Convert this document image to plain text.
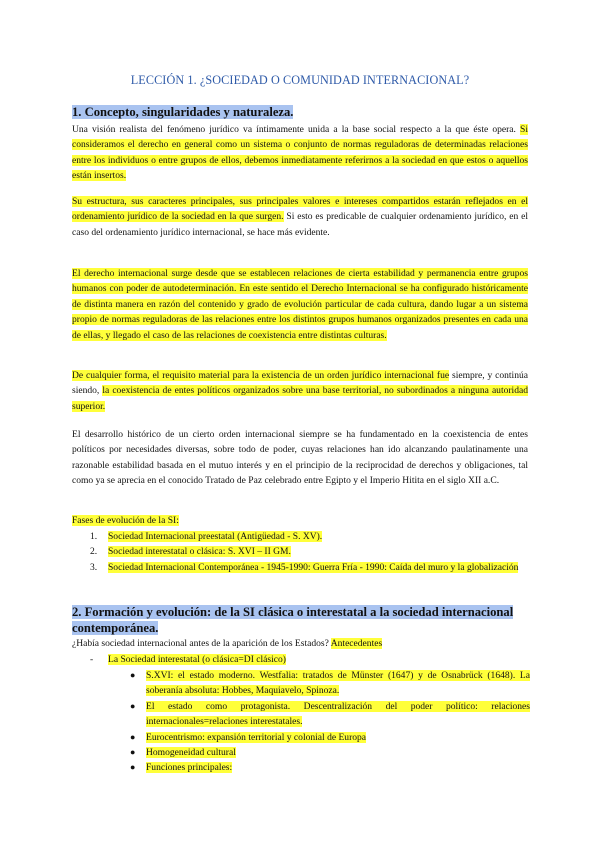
LECCIÓN 1. ¿SOCIEDAD O COMUNIDAD INTERNACIONAL?
1. Concepto, singularidades y naturaleza.
Una visión realista del fenómeno jurídico va íntimamente unida a la base social respecto a la que éste opera. Si consideramos el derecho en general como un sistema o conjunto de normas reguladoras de determinadas relaciones entre los individuos o entre grupos de ellos, debemos inmediatamente referirnos a la sociedad en que estos o aquellos están insertos.
Su estructura, sus caracteres principales, sus principales valores e intereses compartidos estarán reflejados en el ordenamiento jurídico de la sociedad en la que surgen. Si esto es predicable de cualquier ordenamiento jurídico, en el caso del ordenamiento jurídico internacional, se hace más evidente.
El derecho internacional surge desde que se establecen relaciones de cierta estabilidad y permanencia entre grupos humanos con poder de autodeterminación. En este sentido el Derecho Internacional se ha configurado históricamente de distinta manera en razón del contenido y grado de evolución particular de cada cultura, dando lugar a un sistema propio de normas reguladoras de las relaciones entre los distintos grupos humanos organizados presentes en cada una de ellas, y llegado el caso de las relaciones de coexistencia entre distintas culturas.
De cualquier forma, el requisito material para la existencia de un orden jurídico internacional fue siempre, y continúa siendo, la coexistencia de entes políticos organizados sobre una base territorial, no subordinados a ninguna autoridad superior.
El desarrollo histórico de un cierto orden internacional siempre se ha fundamentado en la coexistencia de entes políticos por necesidades diversas, sobre todo de poder, cuyas relaciones han ido alcanzando paulatinamente una razonable estabilidad basada en el mutuo interés y en el principio de la reciprocidad de derechos y obligaciones, tal como ya se aprecia en el conocido Tratado de Paz celebrado entre Egipto y el Imperio Hitita en el siglo XII a.C.
Fases de evolución de la SI:
1.	Sociedad Internacional preestatal (Antigüedad - S. XV).
2.	Sociedad interestatal o clásica: S. XVI – II GM.
3.	Sociedad Internacional Contemporánea - 1945-1990: Guerra Fría - 1990: Caída del muro y la globalización
2. Formación y evolución: de la SI clásica o interestatal a la sociedad internacional contemporánea.
¿Había sociedad internacional antes de la aparición de los Estados? Antecedentes
- La Sociedad interestatal (o clásica=DI clásico)
●	S.XVI: el estado moderno. Westfalia: tratados de Münster (1647) y de Osnabrück (1648). La soberanía absoluta: Hobbes, Maquiavelo, Spinoza.
●	El estado como protagonista. Descentralización del poder político: relaciones internacionales=relaciones interestatales.
●	Eurocentrismo: expansión territorial y colonial de Europa
●	Homogeneidad cultural
●	Funciones principales:
